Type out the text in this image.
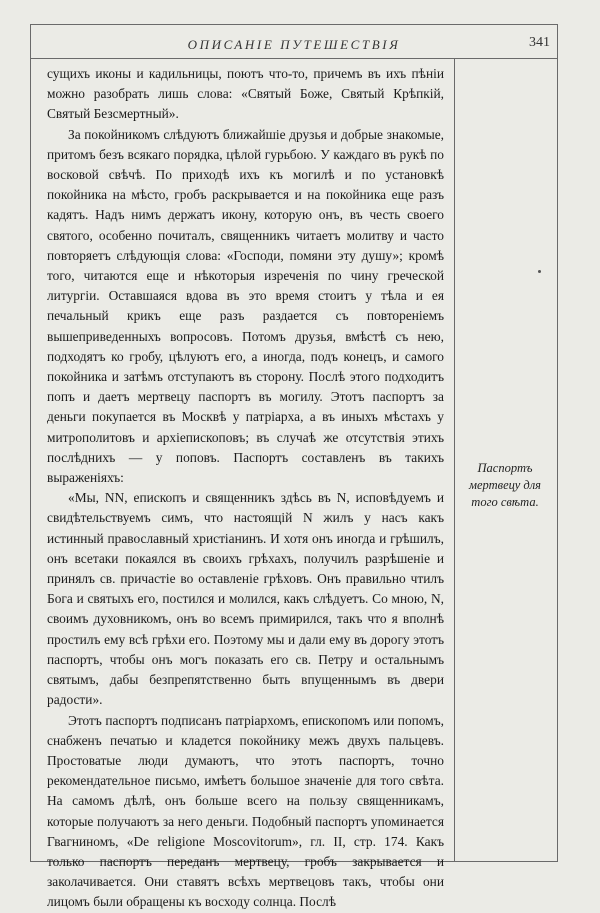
ОПИСАНІЕ ПУТЕШЕСТВІЯ	341

сущихъ иконы и кадильницы, поютъ что-то, причемъ въ ихъ пѣніи можно разобрать лишь слова: «Святый Боже, Святый Крѣпкій, Святый Безсмертный».

За покойникомъ слѣдуютъ ближайшіе друзья и добрые знакомые, притомъ безъ всякаго порядка, цѣлой гурьбою. У каждаго въ рукѣ по восковой свѣчѣ. По приходѣ ихъ къ могилѣ и по установкѣ покойника на мѣсто, гробъ раскрывается и на покойника еще разъ кадятъ. Надъ нимъ держатъ икону, которую онъ, въ честь своего святого, особенно почиталъ, священникъ читаетъ молитву и часто повторяетъ слѣдующія слова: «Господи, помяни эту душу»; кромѣ того, читаются еще и нѣкоторыя изреченія по чину греческой литургіи. Оставшаяся вдова въ это время стоитъ у тѣла и ея печальный крикъ еще разъ раздается съ повтореніемъ вышеприведенныхъ вопросовъ. Потомъ друзья, вмѣстѣ съ нею, подходятъ ко гробу, цѣлуютъ его, а иногда, подъ конецъ, и самого покойника и затѣмъ отступаютъ въ сторону. Послѣ этого подходитъ попъ и даетъ мертвецу паспортъ въ могилу. Этотъ паспортъ за деньги покупается въ Москвѣ у патріарха, а въ иныхъ мѣстахъ у митрополитовъ и архіепископовъ; въ случаѣ же отсутствія этихъ послѣднихъ — у поповъ. Паспортъ составленъ въ такихъ выраженіяхъ:

«Мы, NN, епископъ и священникъ здѣсь въ N, исповѣдуемъ и свидѣтельствуемъ симъ, что настоящій N жилъ у насъ какъ истинный православный христіанинъ. И хотя онъ иногда и грѣшилъ, онъ всетаки покаялся въ своихъ грѣхахъ, получилъ разрѣшеніе и принялъ св. причастіе во оставленіе грѣховъ. Онъ правильно чтилъ Бога и святыхъ его, постился и молился, какъ слѣдуетъ. Со мною, N, своимъ духовникомъ, онъ во всемъ примирился, такъ что я вполнѣ простилъ ему всѣ грѣхи его. Поэтому мы и дали ему въ дорогу этотъ паспортъ, чтобы онъ могъ показать его св. Петру и остальнымъ святымъ, дабы безпрепятственно быть впущеннымъ въ двери радости».

Этотъ паспортъ подписанъ патріархомъ, епископомъ или попомъ, снабженъ печатью и кладется покойнику межъ двухъ пальцевъ. Простоватые люди думаютъ, что этотъ паспортъ, точно рекомендательное письмо, имѣетъ большое значеніе для того свѣта. На самомъ дѣлѣ, онъ больше всего на пользу священникамъ, которые получаютъ за него деньги. Подобный паспортъ упоминается Гвагниномъ, «De religione Moscovitorum», гл. II, стр. 174. Какъ только паспортъ переданъ мертвецу, гробъ закрывается и заколачивается. Они ставятъ всѣхъ мертвецовъ такъ, чтобы они лицомъ были обращены къ восходу солнца. Послѣ

Паспортъ мертвецу для того свѣта.
